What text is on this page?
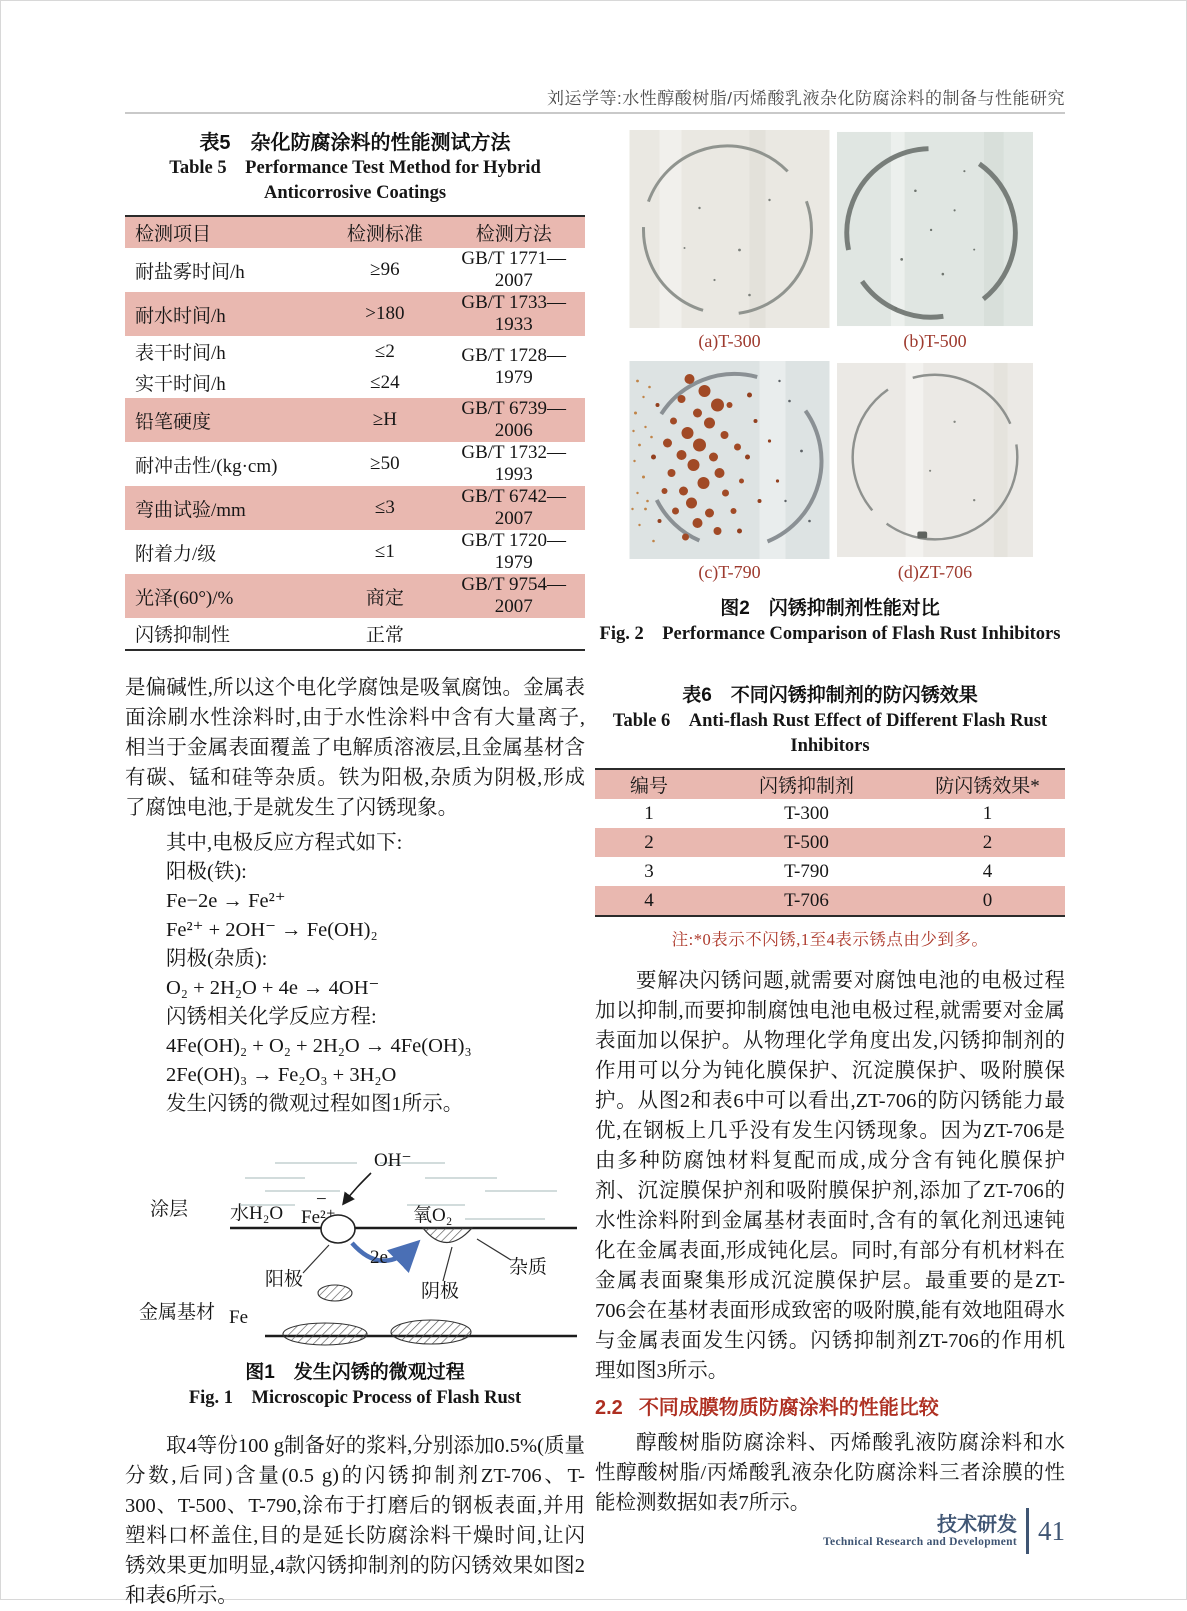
刘运学等:水性醇酸树脂/丙烯酸乳液杂化防腐涂料的制备与性能研究
表5　杂化防腐涂料的性能测试方法
Table 5　Performance Test Method for Hybrid
Anticorrosive Coatings
检测项目	检测标准	检测方法
耐盐雾时间/h	≥96	GB/T 1771—2007
耐水时间/h	>180	GB/T 1733—1933
表干时间/h	≤2	GB/T 1728—1979
实干时间/h	≤24	
铅笔硬度	≥H	GB/T 6739—2006
耐冲击性/(kg·cm)	≥50	GB/T 1732—1993
弯曲试验/mm	≤3	GB/T 6742—2007
附着力/级	≤1	GB/T 1720—1979
光泽(60°)/%	商定	GB/T 9754—2007
闪锈抑制性	正常	

是偏碱性,所以这个电化学腐蚀是吸氧腐蚀。金属表面涂刷水性涂料时,由于水性涂料中含有大量离子,相当于金属表面覆盖了电解质溶液层,且金属基材含有碳、锰和硅等杂质。铁为阳极,杂质为阴极,形成了腐蚀电池,于是就发生了闪锈现象。

其中,电极反应方程式如下:
阳极(铁):
Fe−2e → Fe²⁺
Fe²⁺ + 2OH⁻ → Fe(OH)₂
阴极(杂质):
O₂ + 2H₂O + 4e → 4OH⁻
闪锈相关化学反应方程:
4Fe(OH)₂ + O₂ + 2H₂O → 4Fe(OH)₃
2Fe(OH)₃ → Fe₂O₃ + 3H₂O
发生闪锈的微观过程如图1所示。
涂层 水H₂O
OH⁻
−
Fe²⁺	氧O₂
杂质
阳极
2e
阴极
金属基材 Fe
图1　发生闪锈的微观过程
Fig. 1　Microscopic Process of Flash Rust

取4等份100 g制备好的浆料,分别添加0.5%(质量分数,后同)含量(0.5 g)的闪锈抑制剂ZT-706、T-300、T-500、T-790,涂布于打磨后的钢板表面,并用塑料口杯盖住,目的是延长防腐涂料干燥时间,让闪锈效果更加明显,4款闪锈抑制剂的防闪锈效果如图2和表6所示。

(a)T-300	(b)T-500
(c)T-790	(d)ZT-706
图2　闪锈抑制剂性能对比
Fig. 2　Performance Comparison of Flash Rust Inhibitors
表6　不同闪锈抑制剂的防闪锈效果
Table 6　Anti-flash Rust Effect of Different Flash Rust
Inhibitors
编号	闪锈抑制剂	防闪锈效果*
1	T-300	1
2	T-500	2
3	T-790	4
4	T-706	0
注:*0表示不闪锈,1至4表示锈点由少到多。

要解决闪锈问题,就需要对腐蚀电池的电极过程加以抑制,而要抑制腐蚀电池电极过程,就需要对金属表面加以保护。从物理化学角度出发,闪锈抑制剂的作用可以分为钝化膜保护、沉淀膜保护、吸附膜保护。从图2和表6中可以看出,ZT-706的防闪锈能力最优,在钢板上几乎没有发生闪锈现象。因为ZT-706是由多种防腐蚀材料复配而成,成分含有钝化膜保护剂、沉淀膜保护剂和吸附膜保护剂,添加了ZT-706的水性涂料附到金属基材表面时,含有的氧化剂迅速钝化在金属表面,形成钝化层。同时,有部分有机材料在金属表面聚集形成沉淀膜保护层。最重要的是ZT-706会在基材表面形成致密的吸附膜,能有效地阻碍水与金属表面发生闪锈。闪锈抑制剂ZT-706的作用机理如图3所示。

2.2 不同成膜物质防腐涂料的性能比较

醇酸树脂防腐涂料、丙烯酸乳液防腐涂料和水性醇酸树脂/丙烯酸乳液杂化防腐涂料三者涂膜的性能检测数据如表7所示。

技术研发
Technical Research and Development 41
